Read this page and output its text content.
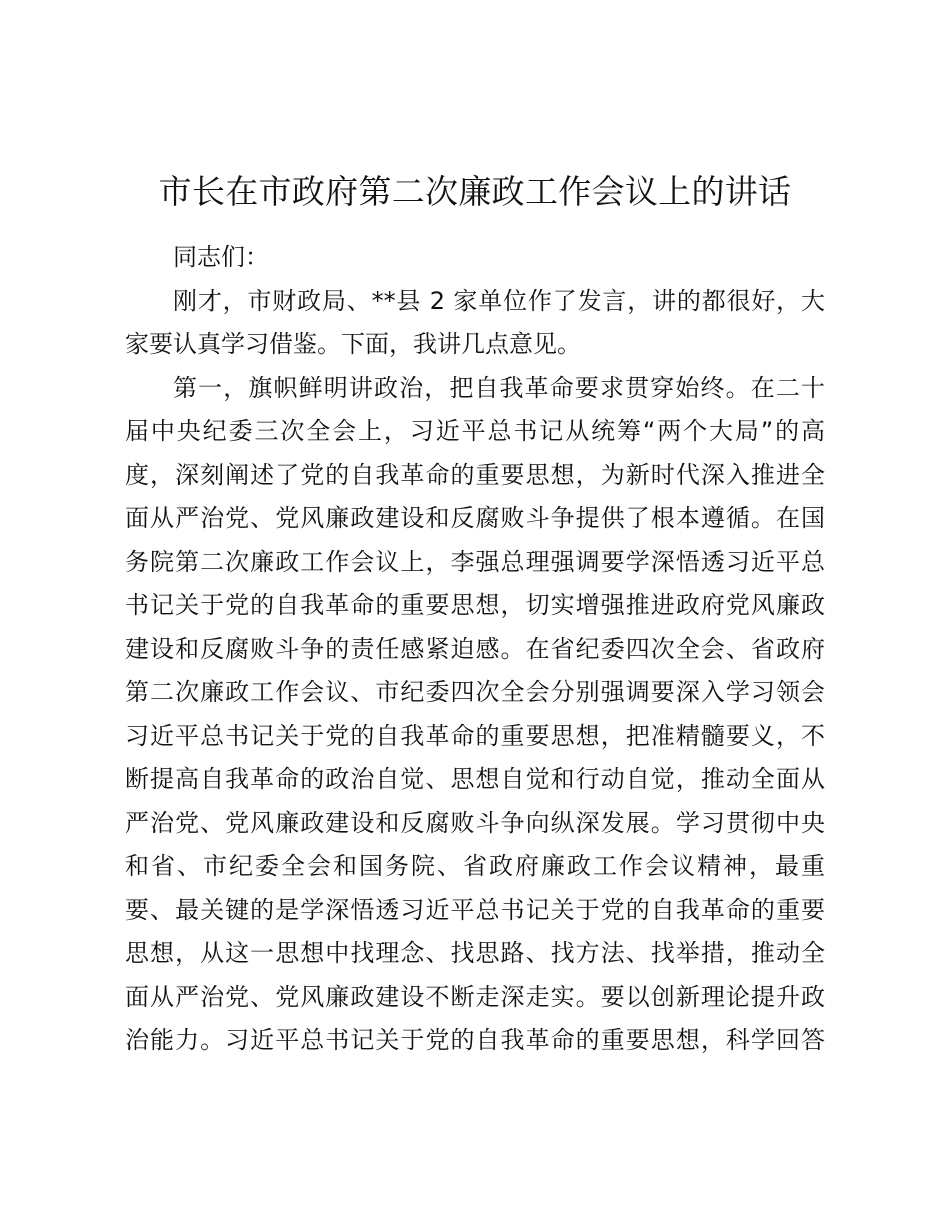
市长在市政府第二次廉政工作会议上的讲话
同志们：
刚才，市财政局、**县 2 家单位作了发言，讲的都很好，大
家要认真学习借鉴。下面，我讲几点意见。
第一，旗帜鲜明讲政治，把自我革命要求贯穿始终。在二十
届中央纪委三次全会上，习近平总书记从统筹“两个大局”的高
度，深刻阐述了党的自我革命的重要思想，为新时代深入推进全
面从严治党、党风廉政建设和反腐败斗争提供了根本遵循。在国
务院第二次廉政工作会议上，李强总理强调要学深悟透习近平总
书记关于党的自我革命的重要思想，切实增强推进政府党风廉政
建设和反腐败斗争的责任感紧迫感。在省纪委四次全会、省政府
第二次廉政工作会议、市纪委四次全会分别强调要深入学习领会
习近平总书记关于党的自我革命的重要思想，把准精髓要义，不
断提高自我革命的政治自觉、思想自觉和行动自觉，推动全面从
严治党、党风廉政建设和反腐败斗争向纵深发展。学习贯彻中央
和省、市纪委全会和国务院、省政府廉政工作会议精神，最重
要、最关键的是学深悟透习近平总书记关于党的自我革命的重要
思想，从这一思想中找理念、找思路、找方法、找举措，推动全
面从严治党、党风廉政建设不断走深走实。要以创新理论提升政
治能力。习近平总书记关于党的自我革命的重要思想，科学回答
